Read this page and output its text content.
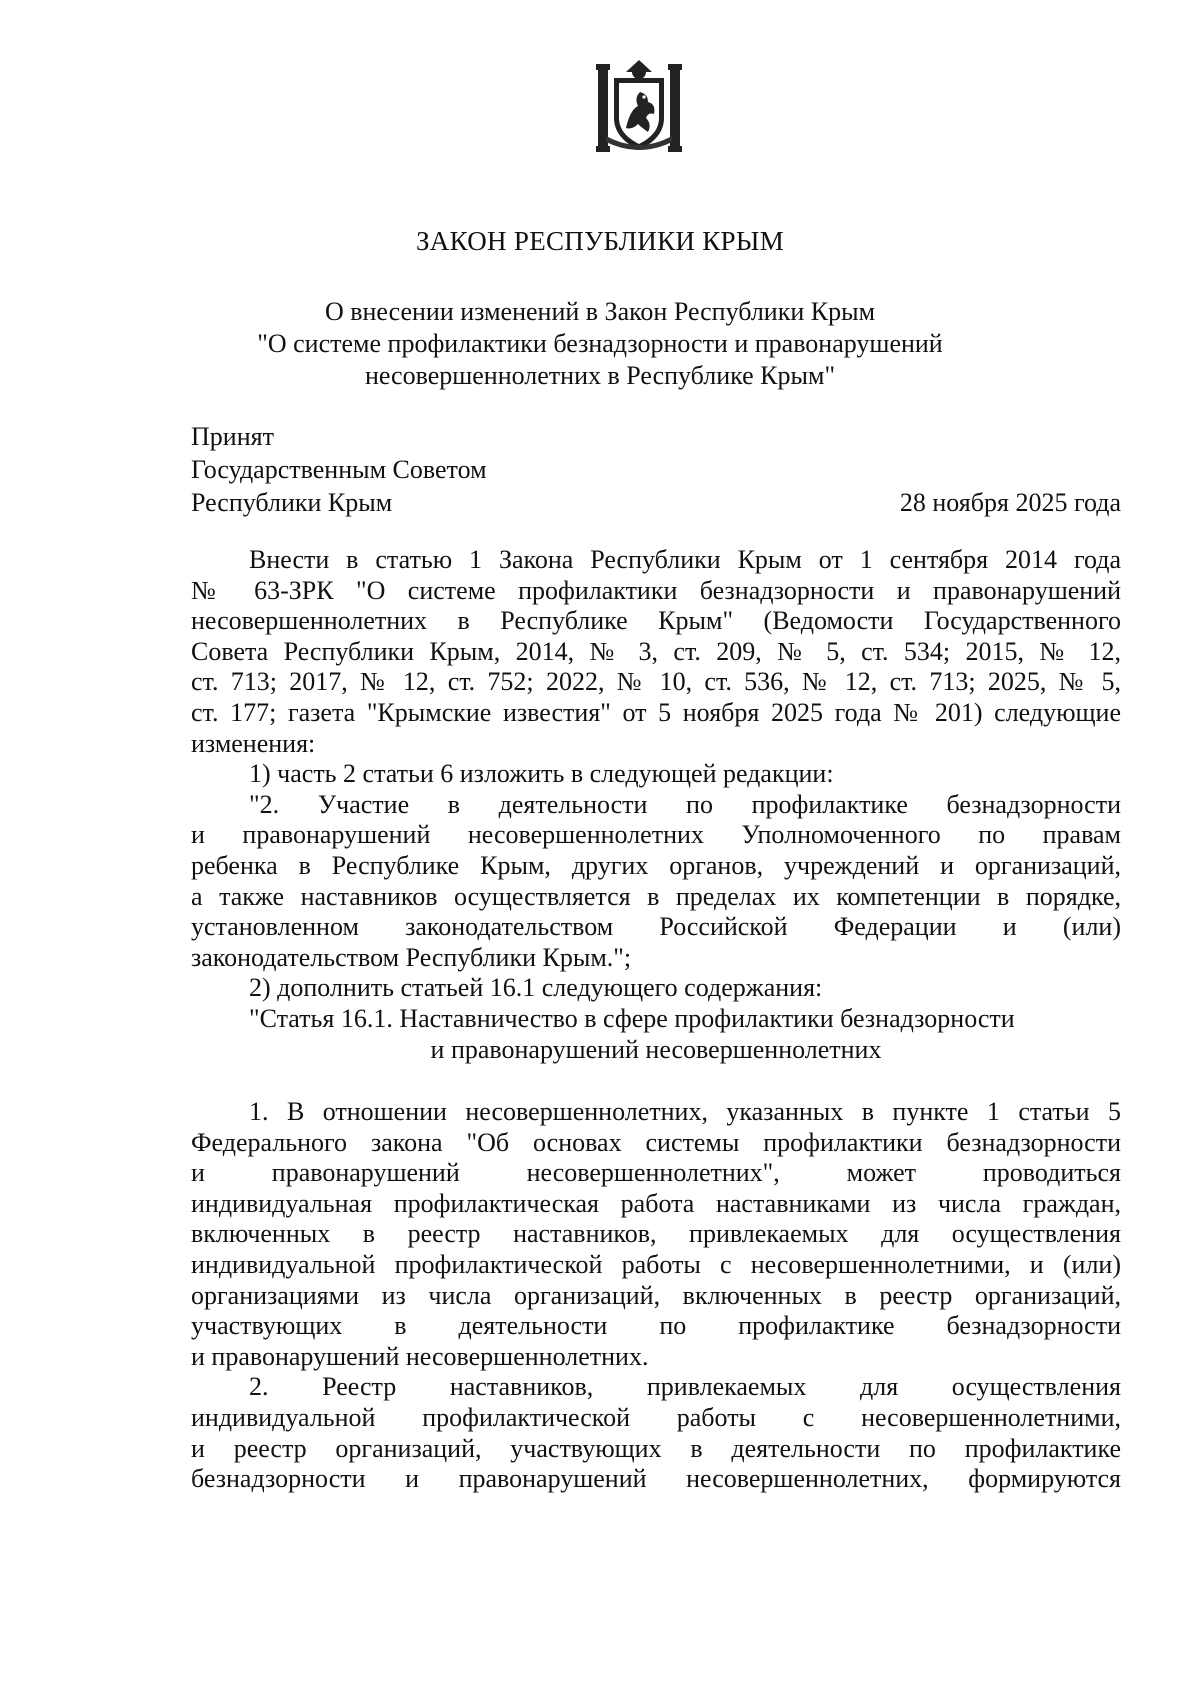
ЗАКОН РЕСПУБЛИКИ КРЫМ
О внесении изменений в Закон Республики Крым
"О системе профилактики безнадзорности и правонарушений
несовершеннолетних в Республике Крым"
Принят
Государственным Советом
Республики Крым	28 ноября 2025 года
Внести в статью 1 Закона Республики Крым от 1 сентября 2014 года
№ 63-ЗРК "О системе профилактики безнадзорности и правонарушений
несовершеннолетних в Республике Крым" (Ведомости Государственного
Совета Республики Крым, 2014, № 3, ст. 209, № 5, ст. 534; 2015, № 12,
ст. 713; 2017, № 12, ст. 752; 2022, № 10, ст. 536, № 12, ст. 713; 2025, № 5,
ст. 177; газета "Крымские известия" от 5 ноября 2025 года № 201) следующие
изменения:
1) часть 2 статьи 6 изложить в следующей редакции:
"2. Участие в деятельности по профилактике безнадзорности
и правонарушений несовершеннолетних Уполномоченного по правам
ребенка в Республике Крым, других органов, учреждений и организаций,
а также наставников осуществляется в пределах их компетенции в порядке,
установленном законодательством Российской Федерации и (или)
законодательством Республики Крым.";
2) дополнить статьей 16.1 следующего содержания:
"Статья 16.1. Наставничество в сфере профилактики безнадзорности
и правонарушений несовершеннолетних
1. В отношении несовершеннолетних, указанных в пункте 1 статьи 5
Федерального закона "Об основах системы профилактики безнадзорности
и правонарушений несовершеннолетних", может проводиться
индивидуальная профилактическая работа наставниками из числа граждан,
включенных в реестр наставников, привлекаемых для осуществления
индивидуальной профилактической работы с несовершеннолетними, и (или)
организациями из числа организаций, включенных в реестр организаций,
участвующих в деятельности по профилактике безнадзорности
и правонарушений несовершеннолетних.
2. Реестр наставников, привлекаемых для осуществления
индивидуальной профилактической работы с несовершеннолетними,
и реестр организаций, участвующих в деятельности по профилактике
безнадзорности и правонарушений несовершеннолетних, формируются
